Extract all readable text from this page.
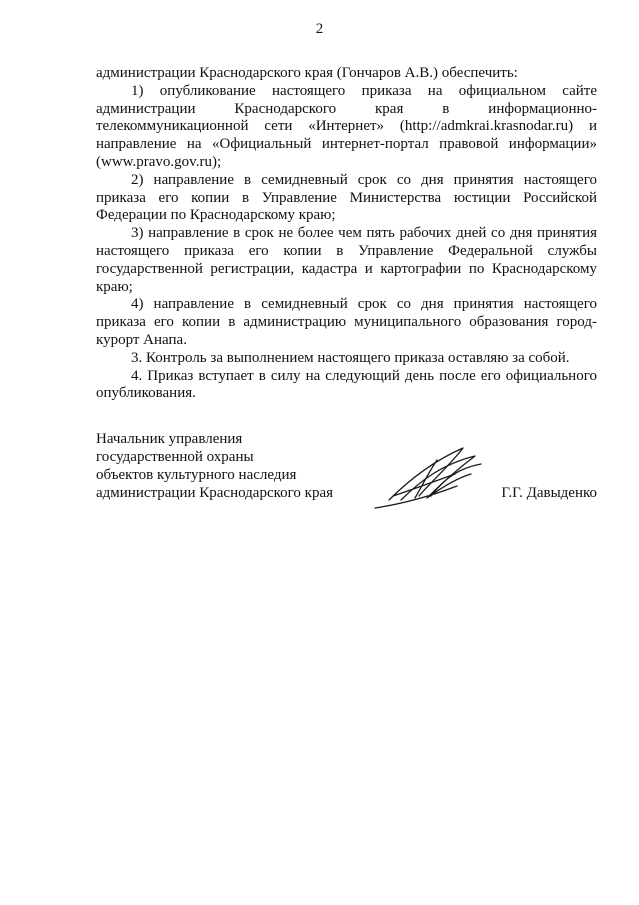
2

администрации Краснодарского края (Гончаров А.В.) обеспечить:

1) опубликование настоящего приказа на официальном сайте администрации Краснодарского края в информационно-телекоммуникационной сети «Интернет» (http://admkrai.krasnodar.ru) и направление на «Официальный интернет-портал правовой информации» (www.pravo.gov.ru);

2) направление в семидневный срок со дня принятия настоящего приказа его копии в Управление Министерства юстиции Российской Федерации по Краснодарскому краю;

3) направление в срок не более чем пять рабочих дней со дня принятия настоящего приказа его копии в Управление Федеральной службы государственной регистрации, кадастра и картографии по Краснодарскому краю;

4) направление в семидневный срок со дня принятия настоящего приказа его копии в администрацию муниципального образования город-курорт Анапа.

3. Контроль за выполнением настоящего приказа оставляю за собой.

4. Приказ вступает в силу на следующий день после его официального опубликования.

Начальник управления
государственной охраны
объектов культурного наследия
администрации Краснодарского края	Г.Г. Давыденко
